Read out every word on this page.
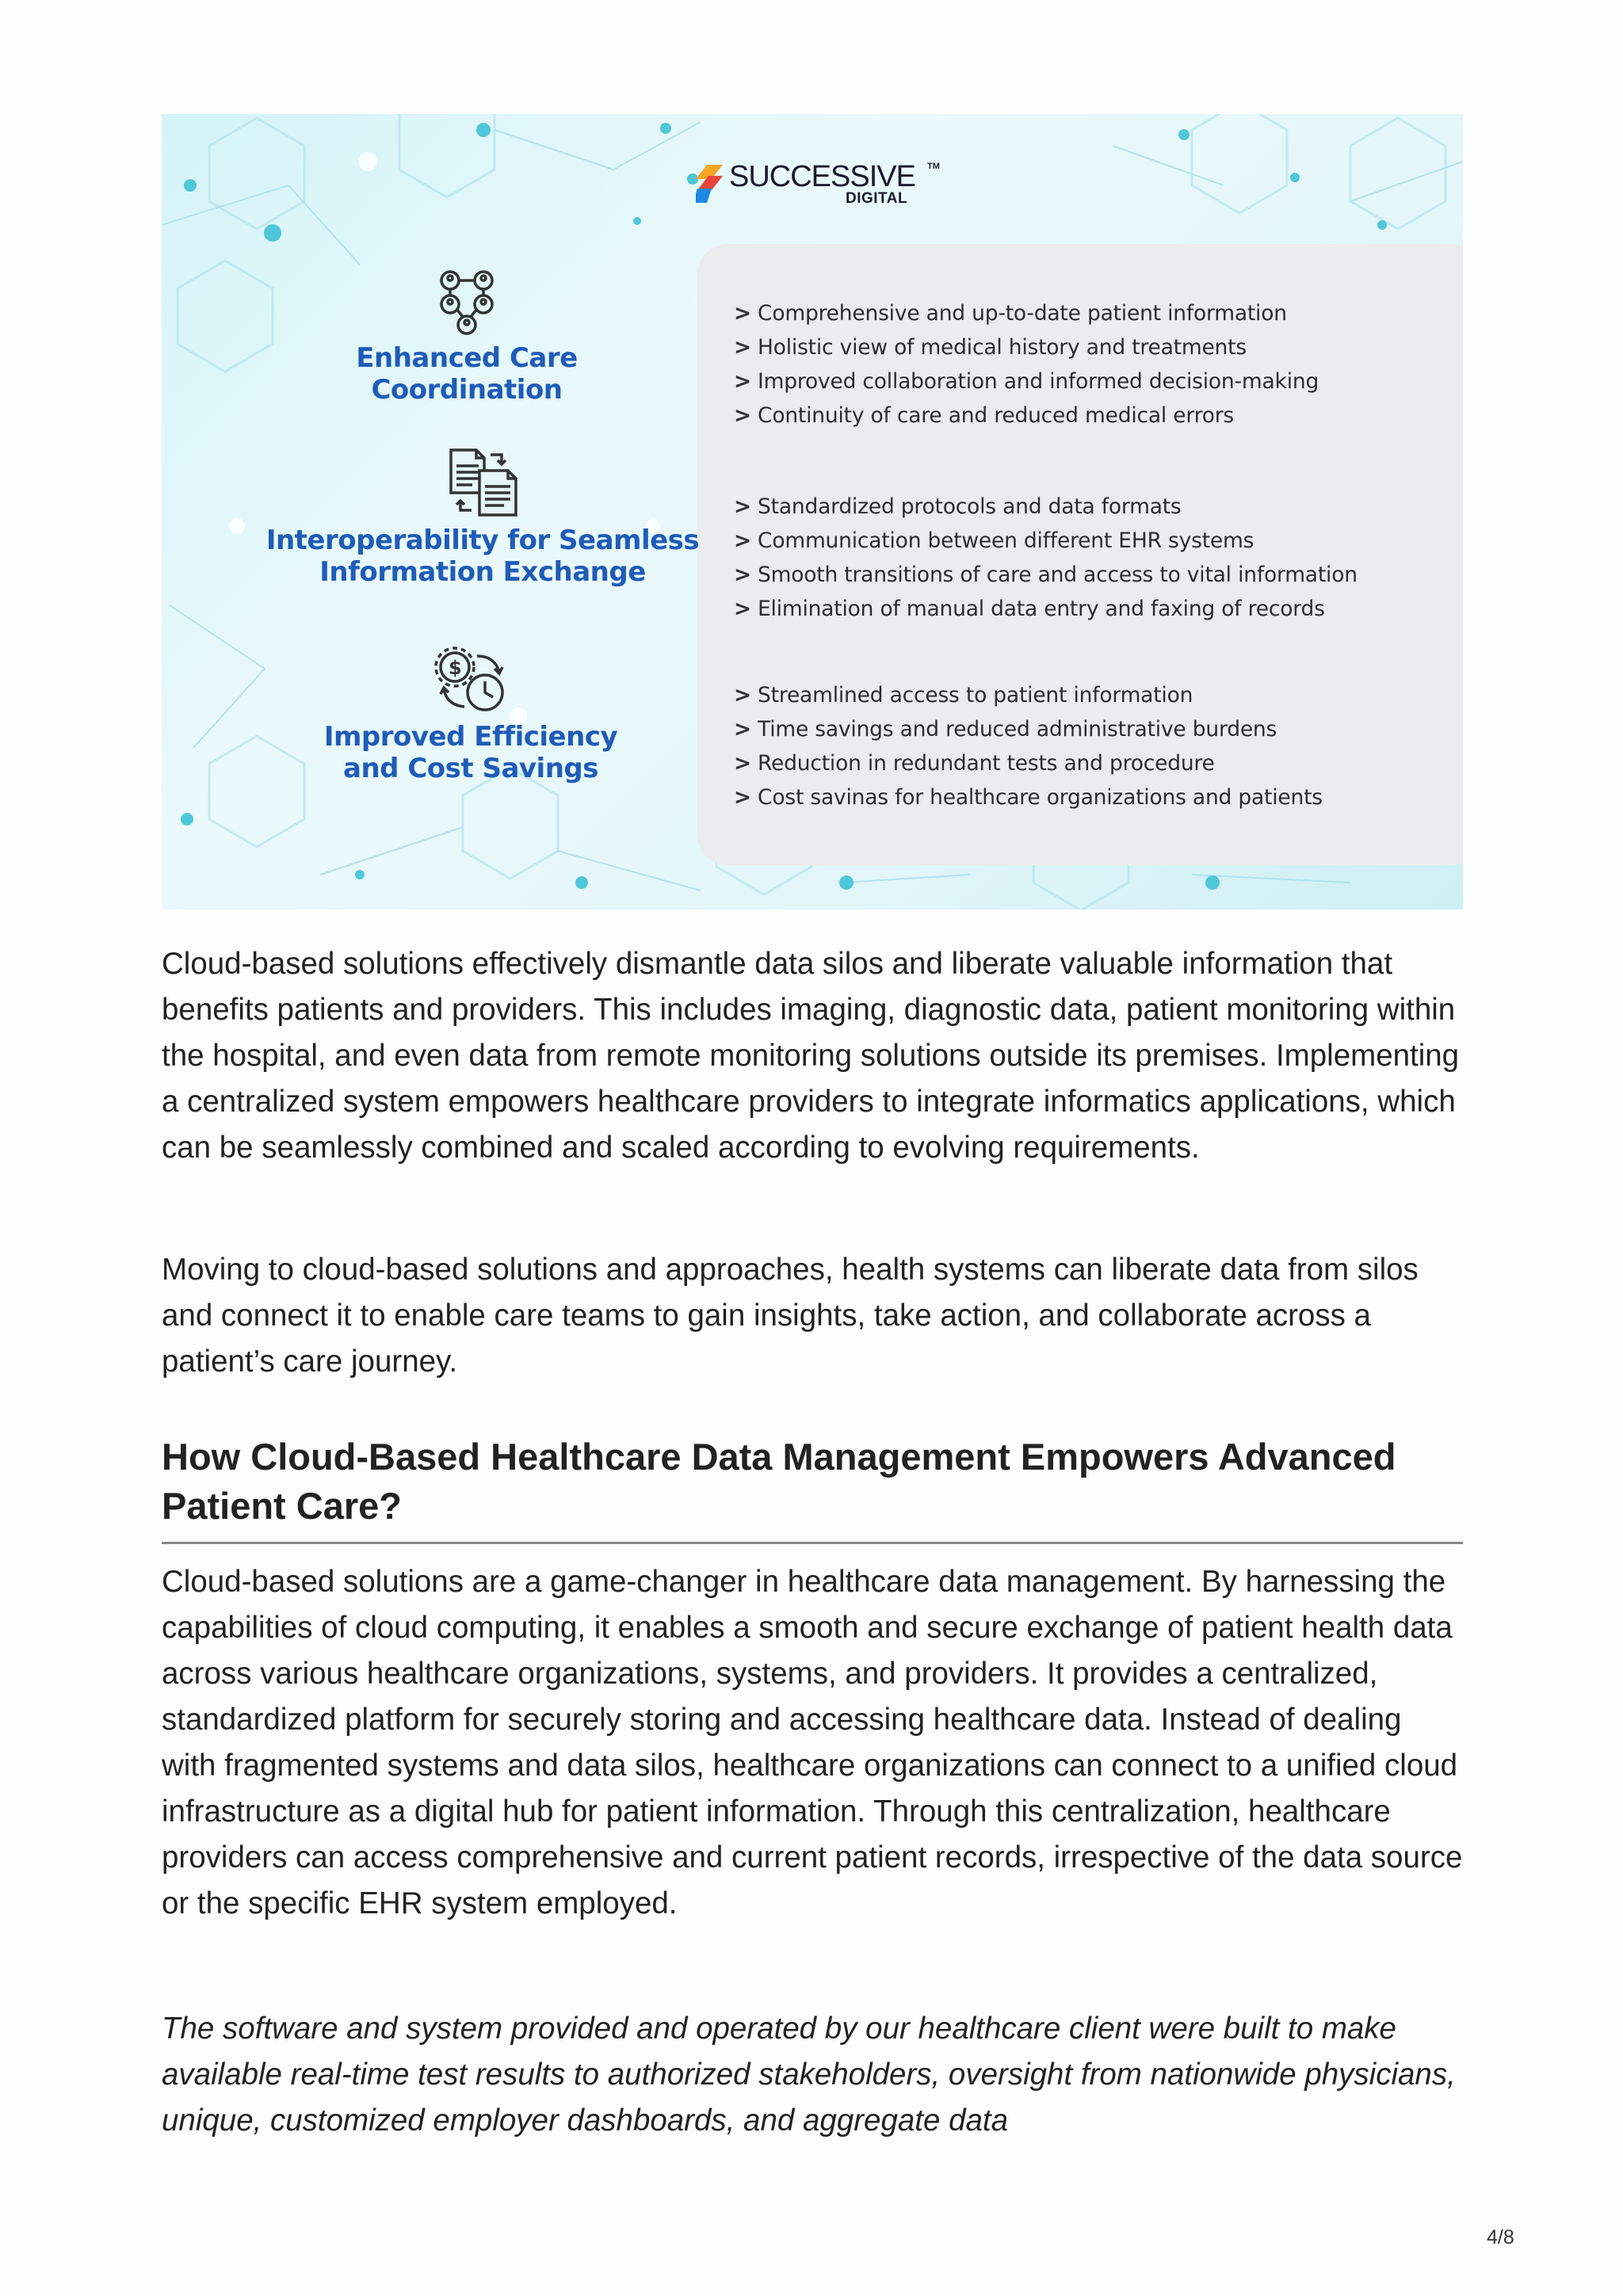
SUCCESSIVE TM
DIGITAL
Enhanced Care
Coordination
Interoperability for Seamless
Information Exchange
$
Improved Efficiency
and Cost Savings
> Comprehensive and up-to-date patient information
> Holistic view of medical history and treatments
> Improved collaboration and informed decision-making
> Continuity of care and reduced medical errors
> Standardized protocols and data formats
> Communication between different EHR systems
> Smooth transitions of care and access to vital information
> Elimination of manual data entry and faxing of records
> Streamlined access to patient information
> Time savings and reduced administrative burdens
> Reduction in redundant tests and procedure
> Cost savinas for healthcare organizations and patients

Cloud-based solutions effectively dismantle data silos and liberate valuable information that benefits patients and providers. This includes imaging, diagnostic data, patient monitoring within the hospital, and even data from remote monitoring solutions outside its premises. Implementing a centralized system empowers healthcare providers to integrate informatics applications, which can be seamlessly combined and scaled according to evolving requirements.

Moving to cloud-based solutions and approaches, health systems can liberate data from silos and connect it to enable care teams to gain insights, take action, and collaborate across a patient’s care journey.

How Cloud-Based Healthcare Data Management Empowers Advanced Patient Care?

Cloud-based solutions are a game-changer in healthcare data management. By harnessing the capabilities of cloud computing, it enables a smooth and secure exchange of patient health data across various healthcare organizations, systems, and providers. It provides a centralized, standardized platform for securely storing and accessing healthcare data. Instead of dealing with fragmented systems and data silos, healthcare organizations can connect to a unified cloud infrastructure as a digital hub for patient information. Through this centralization, healthcare providers can access comprehensive and current patient records, irrespective of the data source or the specific EHR system employed.

The software and system provided and operated by our healthcare client were built to make available real-time test results to authorized stakeholders, oversight from nationwide physicians, unique, customized employer dashboards, and aggregate data

4/8
